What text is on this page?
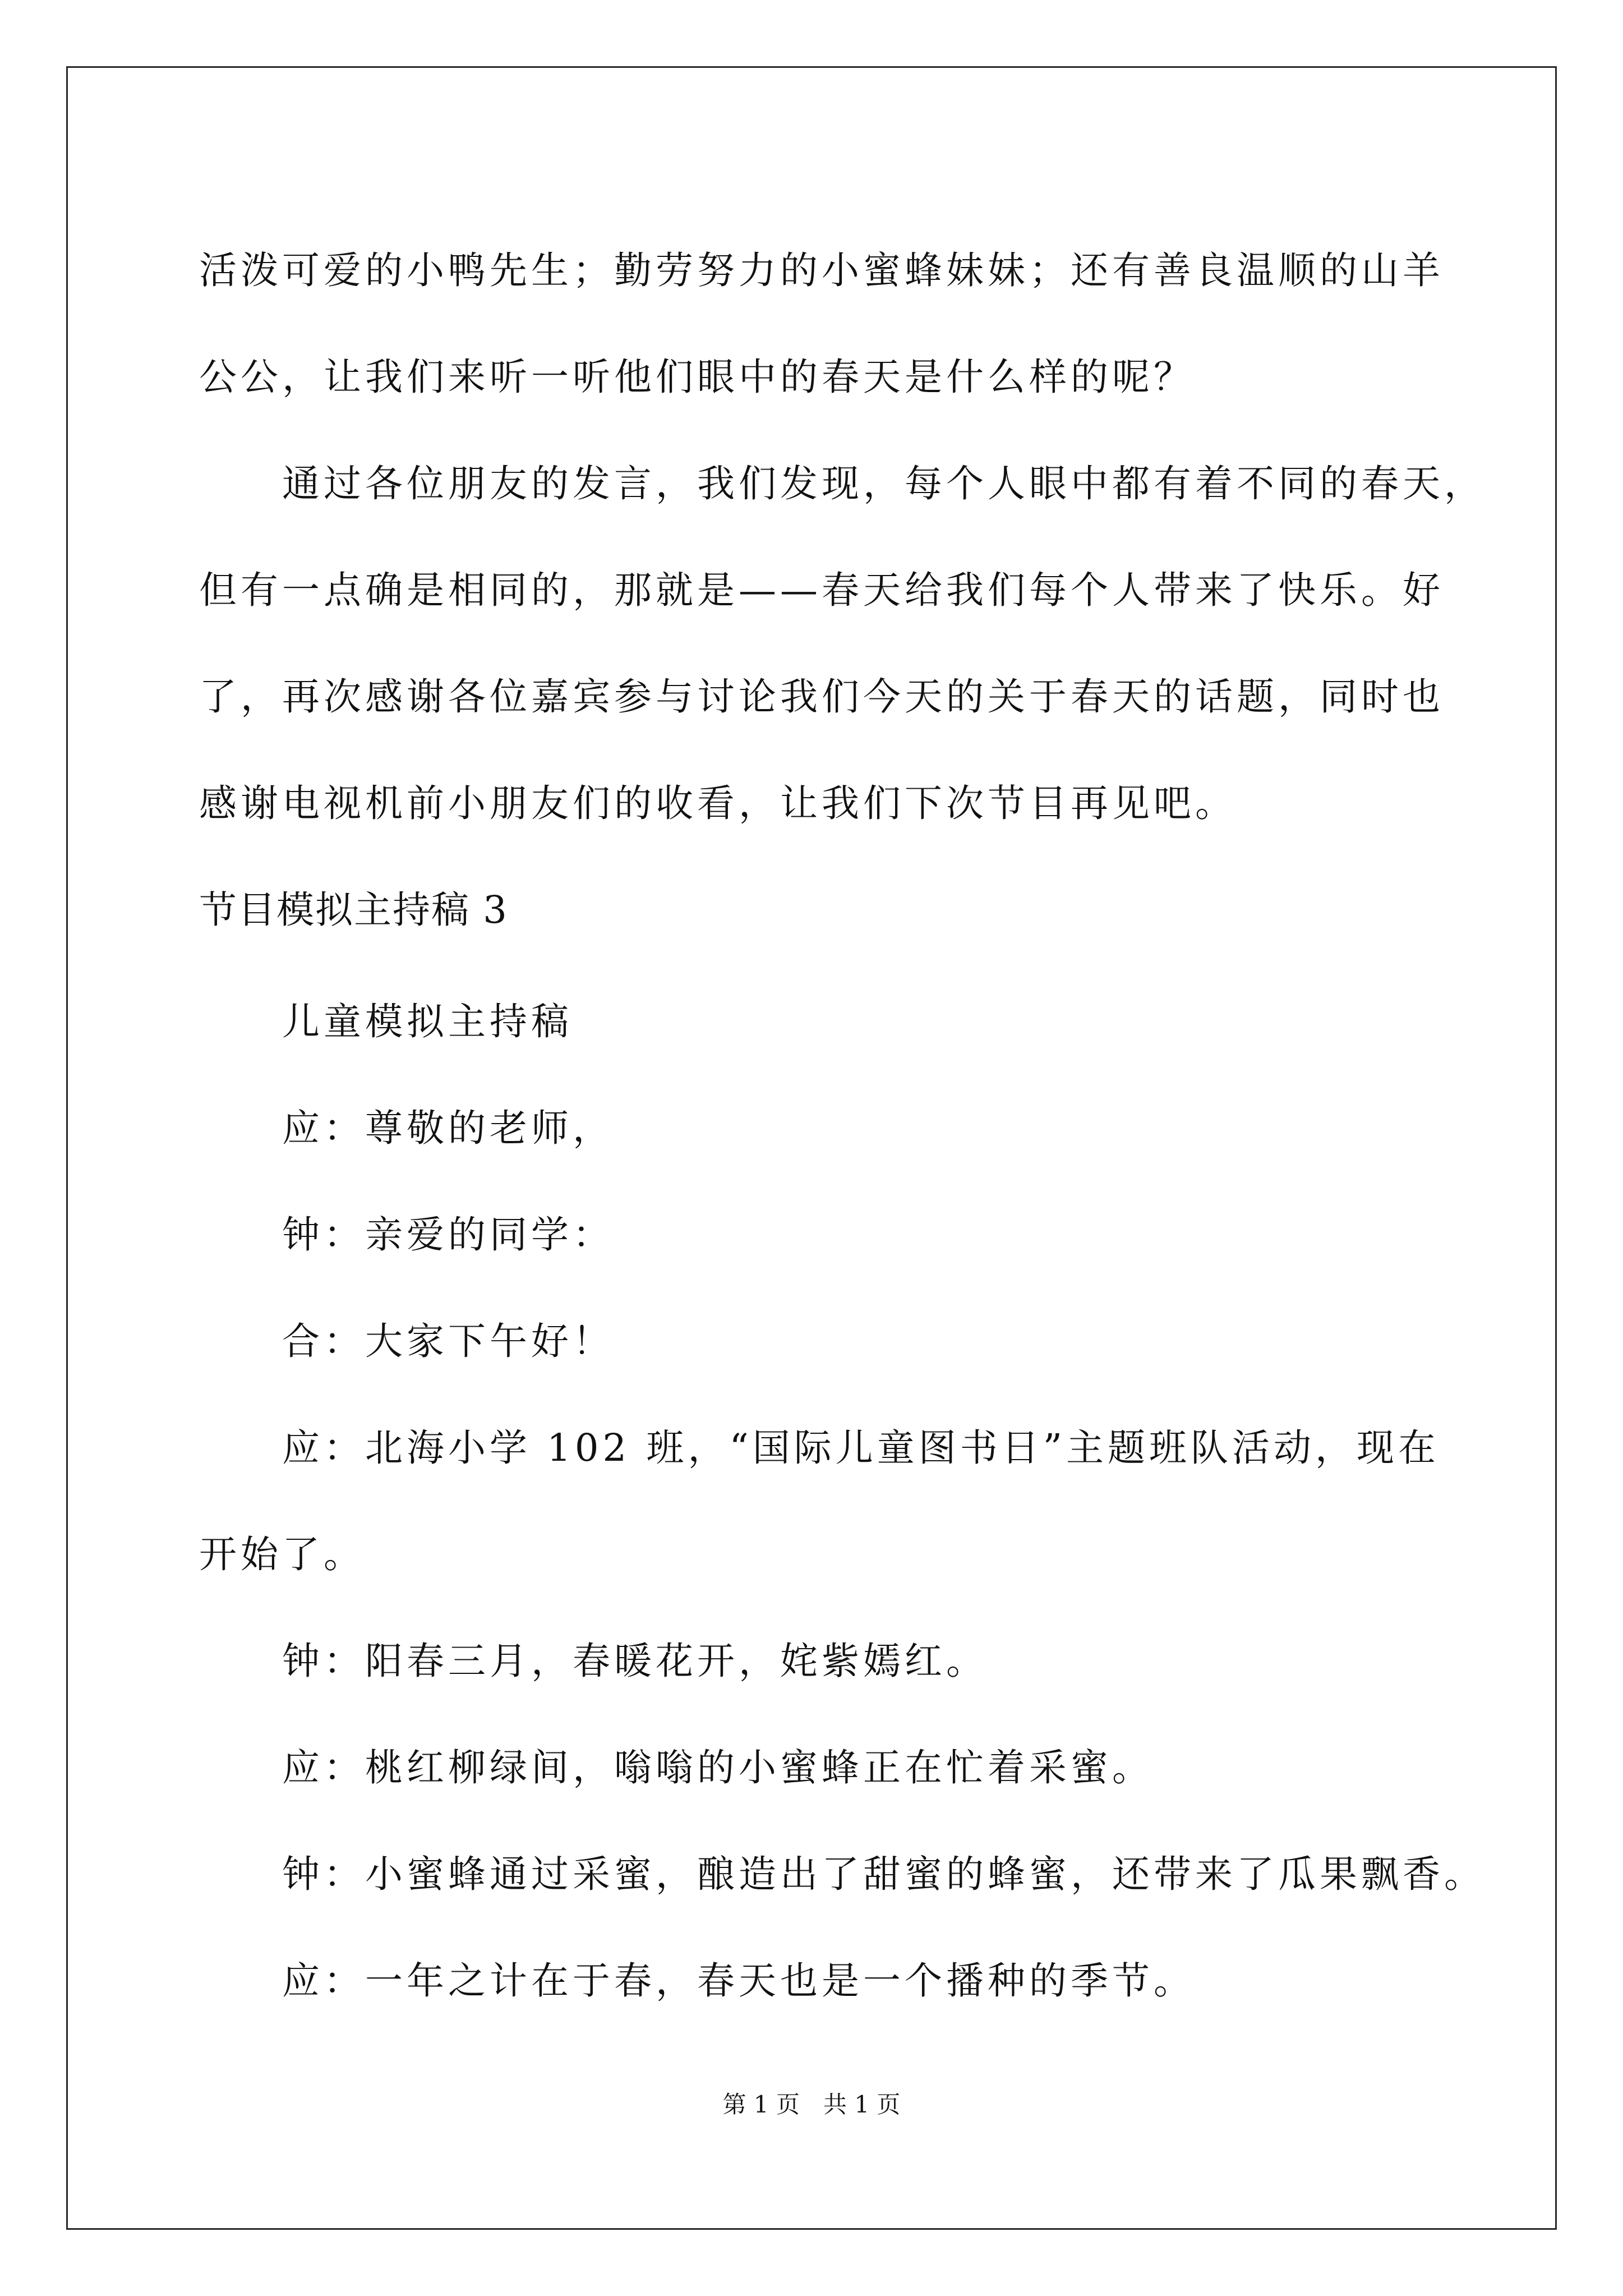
活泼可爱的小鸭先生；勤劳努力的小蜜蜂妹妹；还有善良温顺的山羊

公公，让我们来听一听他们眼中的春天是什么样的呢？

通过各位朋友的发言，我们发现，每个人眼中都有着不同的春天，

但有一点确是相同的，那就是——春天给我们每个人带来了快乐。好

了，再次感谢各位嘉宾参与讨论我们今天的关于春天的话题，同时也

感谢电视机前小朋友们的收看，让我们下次节目再见吧。

节目模拟主持稿 3

儿童模拟主持稿

应：尊敬的老师，

钟：亲爱的同学：

合：大家下午好！

应：北海小学 102 班，“国际儿童图书日”主题班队活动，现在

开始了。

钟：阳春三月，春暖花开，姹紫嫣红。

应：桃红柳绿间，嗡嗡的小蜜蜂正在忙着采蜜。

钟：小蜜蜂通过采蜜，酿造出了甜蜜的蜂蜜，还带来了瓜果飘香。

应：一年之计在于春，春天也是一个播种的季节。

第 1 页　共 1 页
